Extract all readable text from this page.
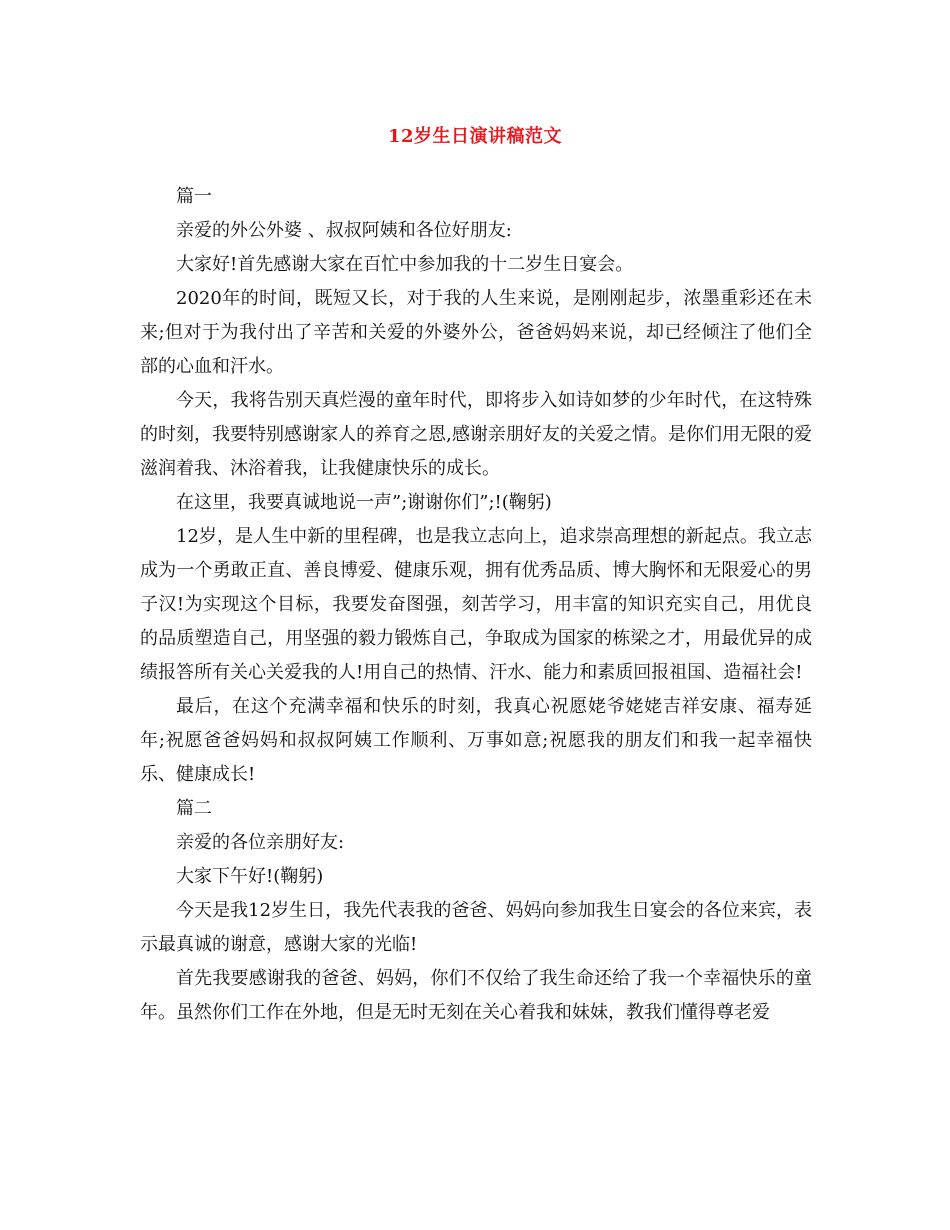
12岁生日演讲稿范文

篇一

亲爱的外公外婆 、叔叔阿姨和各位好朋友:

大家好!首先感谢大家在百忙中参加我的十二岁生日宴会。

2020年的时间，既短又长，对于我的人生来说，是刚刚起步，浓墨重彩还在未来;但对于为我付出了辛苦和关爱的外婆外公，爸爸妈妈来说，却已经倾注了他们全部的心血和汗水。

今天，我将告别天真烂漫的童年时代，即将步入如诗如梦的少年时代，在这特殊的时刻，我要特别感谢家人的养育之恩,感谢亲朋好友的关爱之情。是你们用无限的爱滋润着我、沐浴着我，让我健康快乐的成长。

在这里，我要真诚地说一声”;谢谢你们”;!(鞠躬)

12岁，是人生中新的里程碑，也是我立志向上，追求崇高理想的新起点。我立志成为一个勇敢正直、善良博爱、健康乐观，拥有优秀品质、博大胸怀和无限爱心的男子汉!为实现这个目标，我要发奋图强，刻苦学习，用丰富的知识充实自己，用优良的品质塑造自己，用坚强的毅力锻炼自己，争取成为国家的栋梁之才，用最优异的成绩报答所有关心关爱我的人!用自己的热情、汗水、能力和素质回报祖国、造福社会!

最后，在这个充满幸福和快乐的时刻，我真心祝愿姥爷姥姥吉祥安康、福寿延年;祝愿爸爸妈妈和叔叔阿姨工作顺利、万事如意;祝愿我的朋友们和我一起幸福快乐、健康成长!

篇二

亲爱的各位亲朋好友:

大家下午好!(鞠躬)

今天是我12岁生日，我先代表我的爸爸、妈妈向参加我生日宴会的各位来宾，表示最真诚的谢意，感谢大家的光临!

首先我要感谢我的爸爸、妈妈，你们不仅给了我生命还给了我一个幸福快乐的童年。虽然你们工作在外地，但是无时无刻在关心着我和妹妹，教我们懂得尊老爱
